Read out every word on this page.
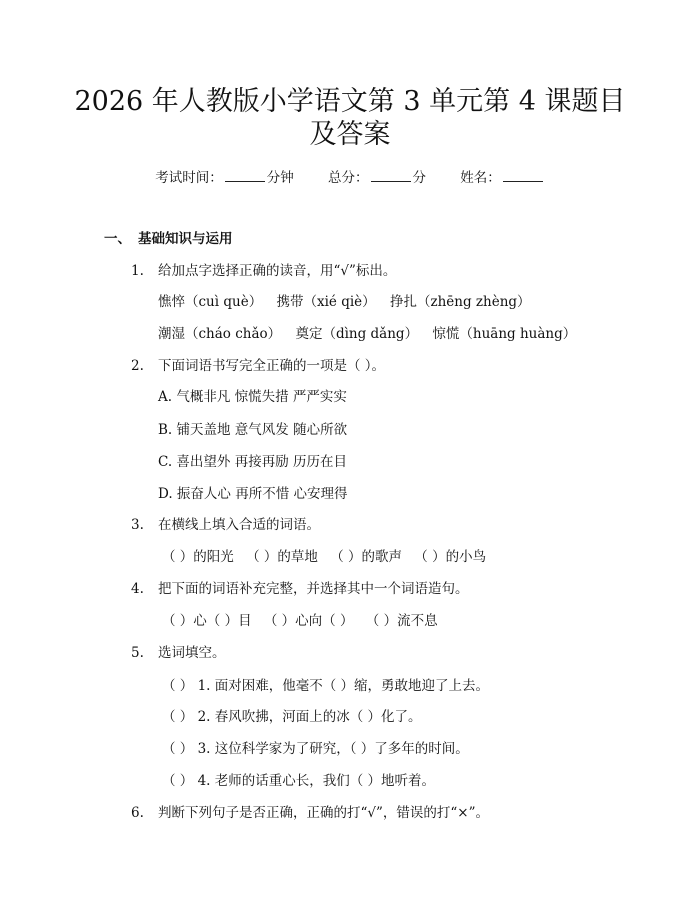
2026 年人教版小学语文第 3 单元第 4 课题目
及答案
考试时间：	分钟	总分：	分	姓名：
一、 基础知识与运用
1. 给加点字选择正确的读音，用“√”标出。
憔悴（cuì què） 携带（xié qiè） 挣扎（zhēng zhèng）
潮湿（cháo chǎo） 奠定（dìng dǎng） 惊慌（huāng huàng）
2. 下面词语书写完全正确的一项是（ ）。
A. 气概非凡 惊慌失措 严严实实
B. 铺天盖地 意气风发 随心所欲
C. 喜出望外 再接再励 历历在目
D. 振奋人心 再所不惜 心安理得
3. 在横线上填入合适的词语。
（ ）的阳光 （ ）的草地 （ ）的歌声 （ ）的小鸟
4. 把下面的词语补充完整，并选择其中一个词语造句。
（ ）心（ ）目 （ ）心向（ ） （ ）流不息
5. 选词填空。
（ ） 1. 面对困难，他毫不（ ）缩，勇敢地迎了上去。
（ ） 2. 春风吹拂，河面上的冰（ ）化了。
（ ） 3. 这位科学家为了研究，（ ）了多年的时间。
（ ） 4. 老师的话重心长，我们（ ）地听着。
6. 判断下列句子是否正确，正确的打“√”，错误的打“×”。
